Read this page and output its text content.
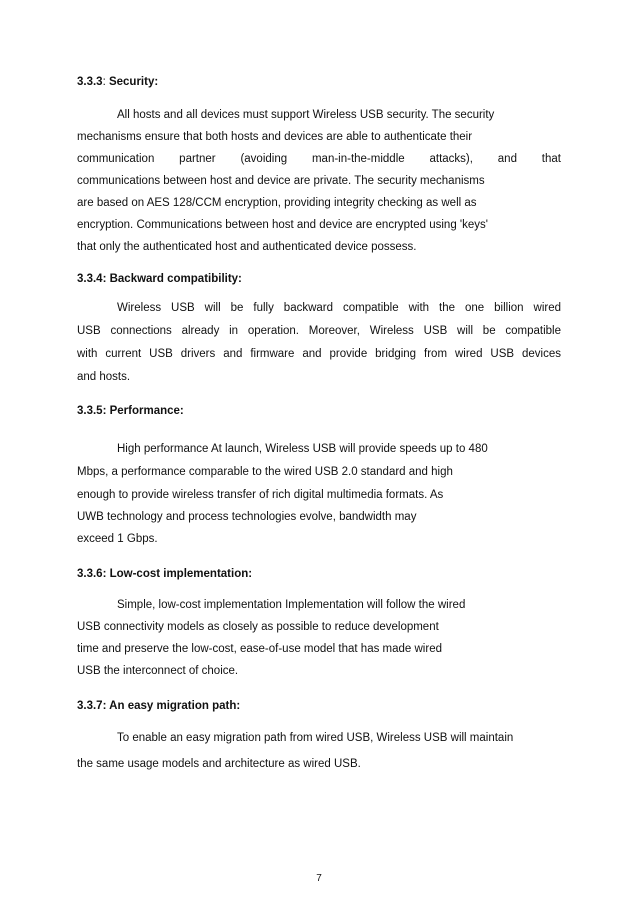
3.3.3: Security:
All hosts and all devices must support Wireless USB security. The security
mechanisms ensure that both hosts and devices are able to authenticate their
communication partner (avoiding man-in-the-middle attacks), and that
communications between host and device are private. The security mechanisms
are based on AES 128/CCM encryption, providing integrity checking as well as
encryption. Communications between host and device are encrypted using 'keys'
that only the authenticated host and authenticated device possess.
3.3.4: Backward compatibility:
Wireless USB will be fully backward compatible with the one billion wired
USB connections already in operation. Moreover, Wireless USB will be compatible
with current USB drivers and firmware and provide bridging from wired USB devices
and hosts.
3.3.5: Performance:
High performance At launch, Wireless USB will provide speeds up to 480
Mbps, a performance comparable to the wired USB 2.0 standard and high
enough to provide wireless transfer of rich digital multimedia formats. As
UWB technology and process technologies evolve, bandwidth may
exceed 1 Gbps.
3.3.6: Low-cost implementation:
Simple, low-cost implementation Implementation will follow the wired
USB connectivity models as closely as possible to reduce development
time and preserve the low-cost, ease-of-use model that has made wired
USB the interconnect of choice.
3.3.7: An easy migration path:
To enable an easy migration path from wired USB, Wireless USB will maintain
the same usage models and architecture as wired USB.
7
